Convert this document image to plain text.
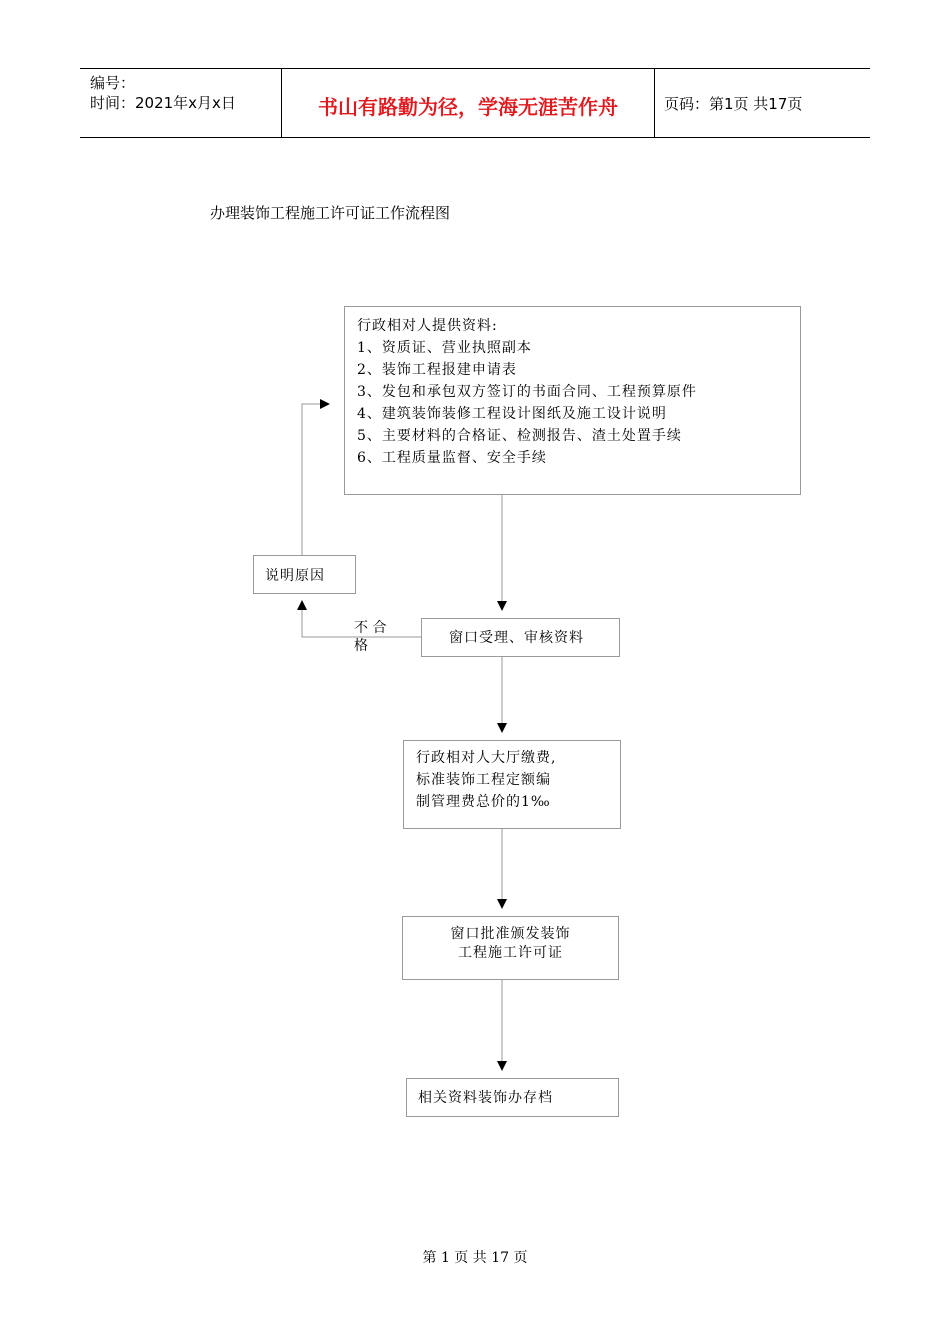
编号：
时间：2021年x月x日	书山有路勤为径，学海无涯苦作舟	页码：第1页 共17页
办理装饰工程施工许可证工作流程图
行政相对人提供资料:
1、资质证、营业执照副本
2、装饰工程报建申请表
3、发包和承包双方签订的书面合同、工程预算原件
4、建筑装饰装修工程设计图纸及施工设计说明
5、主要材料的合格证、检测报告、渣土处置手续
6、工程质量监督、安全手续
说明原因
不 合
格	窗口受理、审核资料
行政相对人大厅缴费,
标准装饰工程定额编
制管理费总价的1‰
窗口批准颁发装饰
工程施工许可证
相关资料装饰办存档
第 1 页 共 17 页
